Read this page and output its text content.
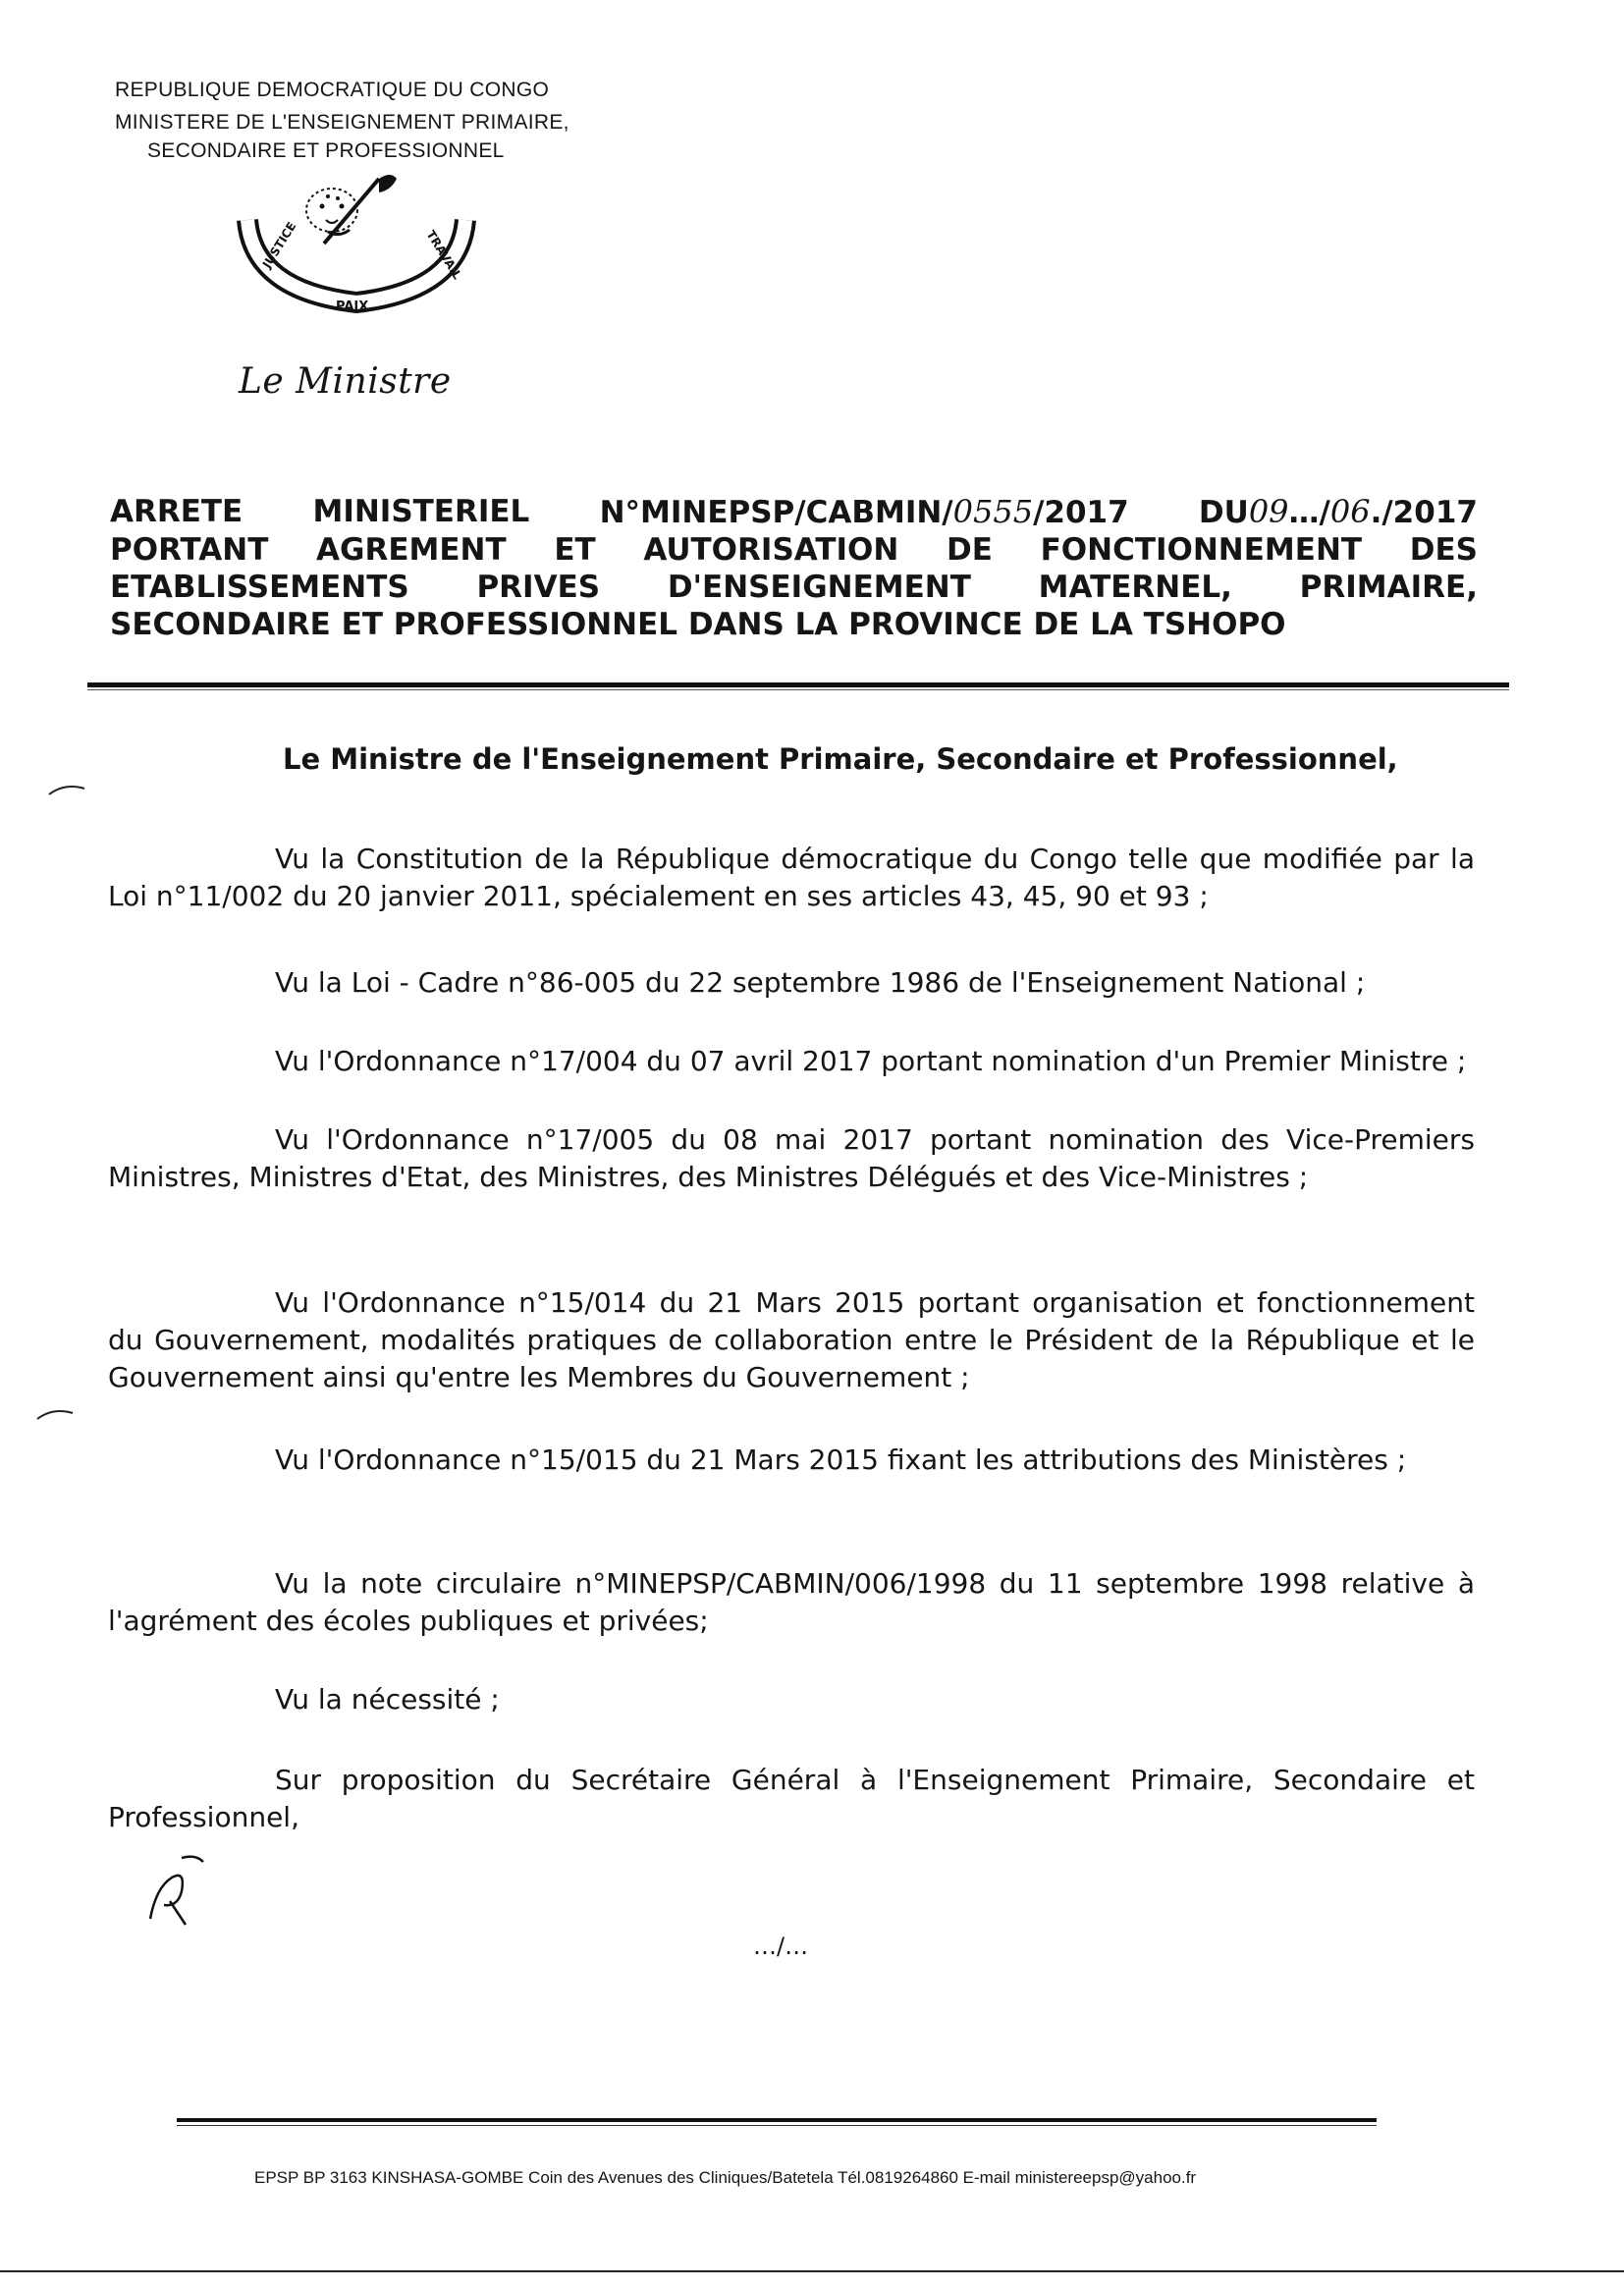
REPUBLIQUE DEMOCRATIQUE DU CONGO
MINISTERE DE L'ENSEIGNEMENT PRIMAIRE,
SECONDAIRE ET PROFESSIONNEL
JUSTICE
PAIX
TRAVAIL
Le Ministre
ARRETE MINISTERIEL N°MINEPSP/CABMIN/0555/2017 DU09…/06./2017
PORTANT AGREMENT ET AUTORISATION DE FONCTIONNEMENT DES
ETABLISSEMENTS PRIVES D'ENSEIGNEMENT MATERNEL, PRIMAIRE,
SECONDAIRE ET PROFESSIONNEL DANS LA PROVINCE DE LA TSHOPO
Le Ministre de l'Enseignement Primaire, Secondaire et Professionnel,
Vu la Constitution de la République démocratique du Congo telle que modifiée par la Loi n°11/002 du 20 janvier 2011, spécialement en ses articles 43, 45, 90 et 93 ;
Vu la Loi - Cadre n°86-005 du 22 septembre 1986 de l'Enseignement National ;
Vu l'Ordonnance n°17/004 du 07 avril 2017 portant nomination d'un Premier Ministre ;
Vu l'Ordonnance n°17/005 du 08 mai 2017 portant nomination des Vice-Premiers Ministres, Ministres d'Etat, des Ministres, des Ministres Délégués et des Vice-Ministres ;
Vu l'Ordonnance n°15/014 du 21 Mars 2015 portant organisation et fonctionnement du Gouvernement, modalités pratiques de collaboration entre le Président de la République et le Gouvernement ainsi qu'entre les Membres du Gouvernement ;
Vu l'Ordonnance n°15/015 du 21 Mars 2015 fixant les attributions des Ministères ;
Vu la note circulaire n°MINEPSP/CABMIN/006/1998 du 11 septembre 1998 relative à l'agrément des écoles publiques et privées;
Vu la nécessité ;
Sur proposition du Secrétaire Général à l'Enseignement Primaire, Secondaire et Professionnel,
…/…
EPSP BP 3163 KINSHASA-GOMBE Coin des Avenues des Cliniques/Batetela Tél.0819264860 E-mail ministereepsp@yahoo.fr
